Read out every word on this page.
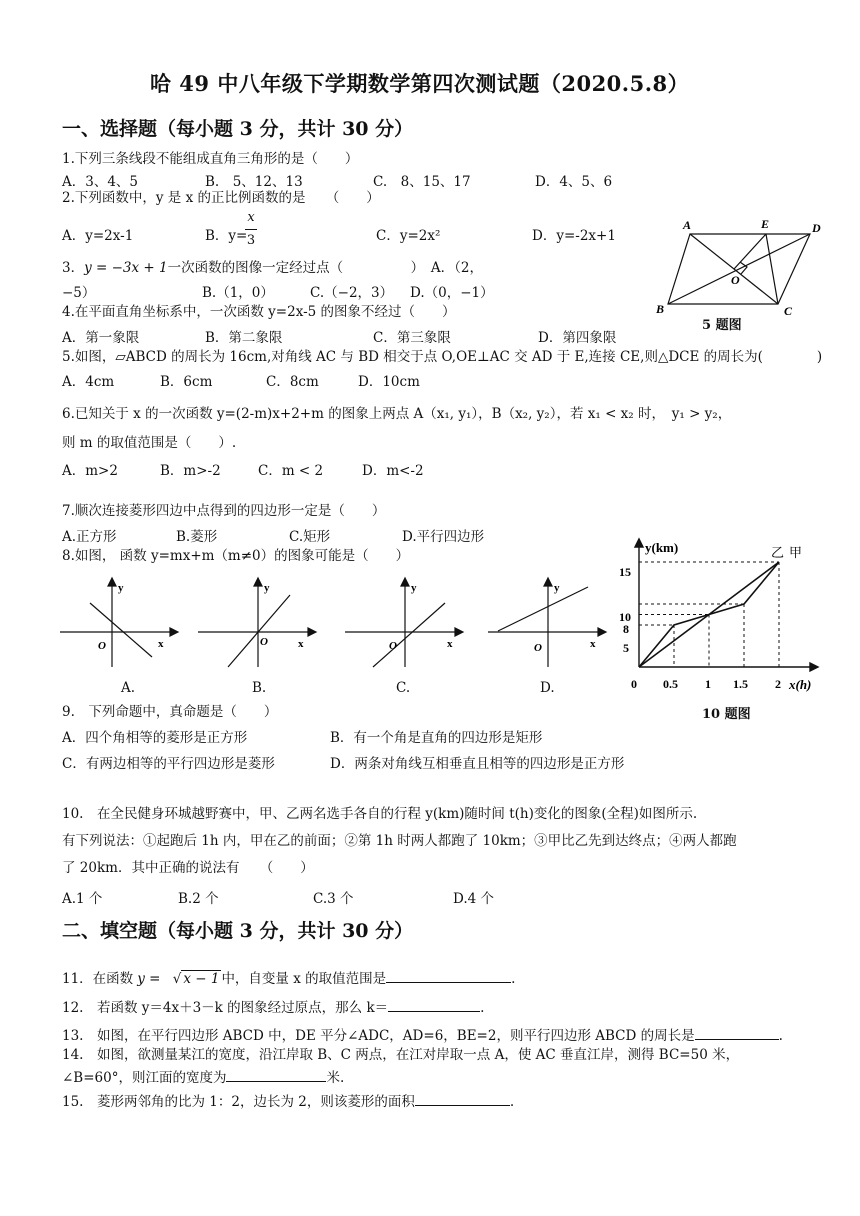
哈 49 中八年级下学期数学第四次测试题（2020.5.8）
一、选择题（每小题 3 分，共计 30 分）
1.下列三条线段不能组成直角三角形的是（　　）
A．3、4、5	B.　5、12、13	C.　8、15、17	D．4、5、6
2.下列函数中，y 是 x 的正比例函数的是　　（　　）
A．y=2x-1	B．y=
x
3	C．y=2x²	D．y=-2x+1
3．y = −3x + 1一次函数的图像一定经过点（　　　　　）　A．（2，
−5）	B.（1，0）	C.（−2，3） D.（0，−1）
4.在平面直角坐标系中，一次函数 y=2x-5 的图象不经过（　　）
A．第一象限	B．第二象限	C．第三象限	D．第四象限
A	E	D
O
B	C
5 题图
5.如图，▱ABCD 的周长为 16cm,对角线 AC 与 BD 相交于点 O,OE⊥AC 交 AD 于 E,连接 CE,则△DCE 的周长为(　　　　)
A．4cm	B．6cm	C．8cm	D．10cm
6.已知关于 x 的一次函数 y=(2-m)x+2+m 的图象上两点 A（x₁, y₁），B（x₂, y₂），若 x₁ < x₂ 时，　y₁ > y₂，
则 m 的取值范围是（　　）.
A．m>2	B．m>-2	C．m < 2	D．m<-2
7.顺次连接菱形四边中点得到的四边形一定是（　　）
A.正方形	B.菱形	C.矩形	D.平行四边形
8.如图， 函数 y=mx+m（m≠0）的图象可能是（　　）
y
x
O
y
x
O
y
x
O
y
x
O
A.	B.	C.	D.
y(km)
x(h)
乙 甲
15
10
8
5
0 0.5 1 1.5 2
10 题图
9.　下列命题中，真命题是（　　）
A．四个角相等的菱形是正方形	B．有一个角是直角的四边形是矩形
C．有两边相等的平行四边形是菱形	D．两条对角线互相垂直且相等的四边形是正方形
10.　在全民健身环城越野赛中，甲、乙两名选手各自的行程 y(km)随时间 t(h)变化的图象(全程)如图所示.
有下列说法：①起跑后 1h 内，甲在乙的前面；②第 1h 时两人都跑了 10km；③甲比乙先到达终点；④两人都跑
了 20km．其中正确的说法有　　（　　）
A.1 个	B.2 个	C.3 个	D.4 个
二、填空题（每小题 3 分，共计 30 分）
11．在函数 y = √ x − 1 中，自变量 x 的取值范围是	.
12.　若函数 y＝4x＋3－k 的图象经过原点，那么 k＝	.
13.　如图，在平行四边形 ABCD 中，DE 平分∠ADC，AD=6，BE=2，则平行四边形 ABCD 的周长是	.
14.　如图，欲测量某江的宽度，沿江岸取 B、C 两点，在江对岸取一点 A，使 AC 垂直江岸，测得 BC=50 米，
∠B=60°，则江面的宽度为	米.
15.　菱形两邻角的比为 1：2，边长为 2，则该菱形的面积	.
